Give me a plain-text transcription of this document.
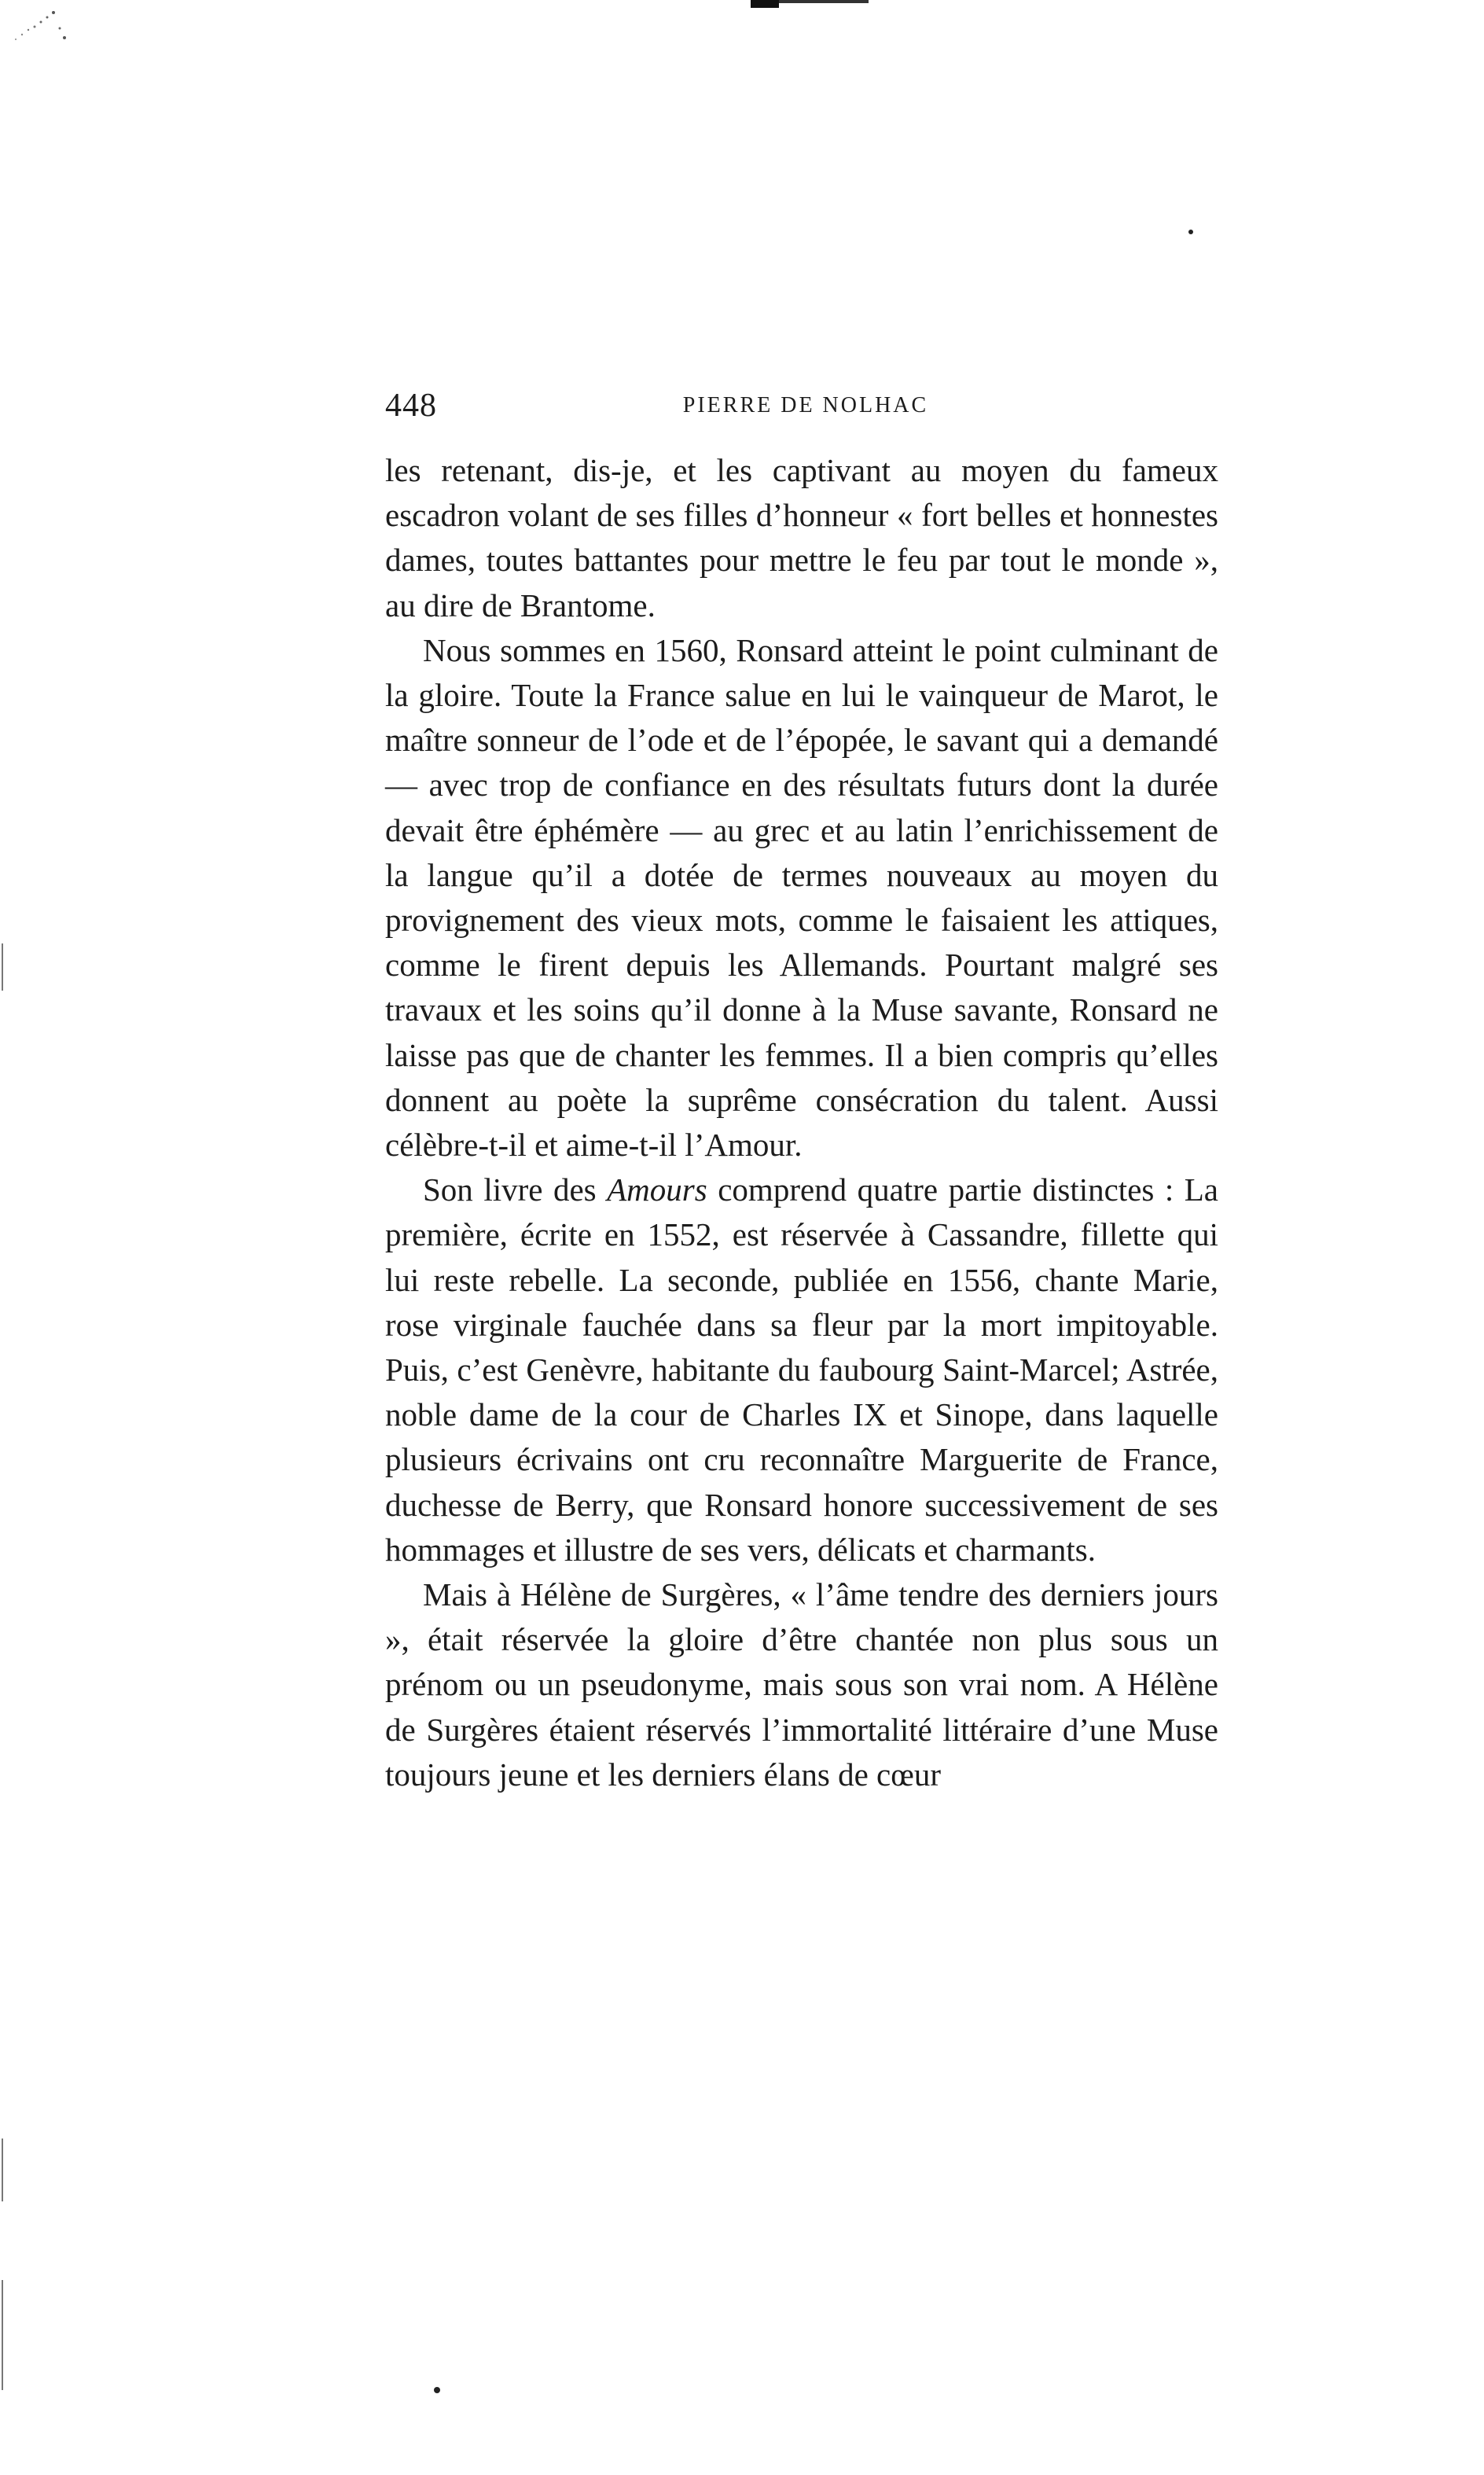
448	PIERRE DE NOLHAC

les retenant, dis-je, et les captivant au moyen du fameux escadron volant de ses filles d’honneur « fort belles et honnestes dames, toutes battantes pour mettre le feu par tout le monde », au dire de Brantome.

Nous sommes en 1560, Ronsard atteint le point culminant de la gloire. Toute la France salue en lui le vainqueur de Marot, le maître sonneur de l’ode et de l’épopée, le savant qui a demandé — avec trop de confiance en des résultats futurs dont la durée devait être éphémère — au grec et au latin l’enrichissement de la langue qu’il a dotée de termes nouveaux au moyen du provignement des vieux mots, comme le faisaient les attiques, comme le firent depuis les Allemands. Pourtant malgré ses travaux et les soins qu’il donne à la Muse savante, Ronsard ne laisse pas que de chanter les femmes. Il a bien compris qu’elles donnent au poète la suprême consécration du talent. Aussi célèbre-t-il et aime-t-il l’Amour.

Son livre des Amours comprend quatre partie distinctes : La première, écrite en 1552, est réservée à Cassandre, fillette qui lui reste rebelle. La seconde, publiée en 1556, chante Marie, rose virginale fauchée dans sa fleur par la mort impitoyable. Puis, c’est Genèvre, habitante du faubourg Saint-Marcel; Astrée, noble dame de la cour de Charles IX et Sinope, dans laquelle plusieurs écrivains ont cru reconnaître Marguerite de France, duchesse de Berry, que Ronsard honore successivement de ses hommages et illustre de ses vers, délicats et charmants.

Mais à Hélène de Surgères, « l’âme tendre des derniers jours », était réservée la gloire d’être chantée non plus sous un prénom ou un pseudonyme, mais sous son vrai nom. A Hélène de Surgères étaient réservés l’immortalité littéraire d’une Muse toujours jeune et les derniers élans de cœur
